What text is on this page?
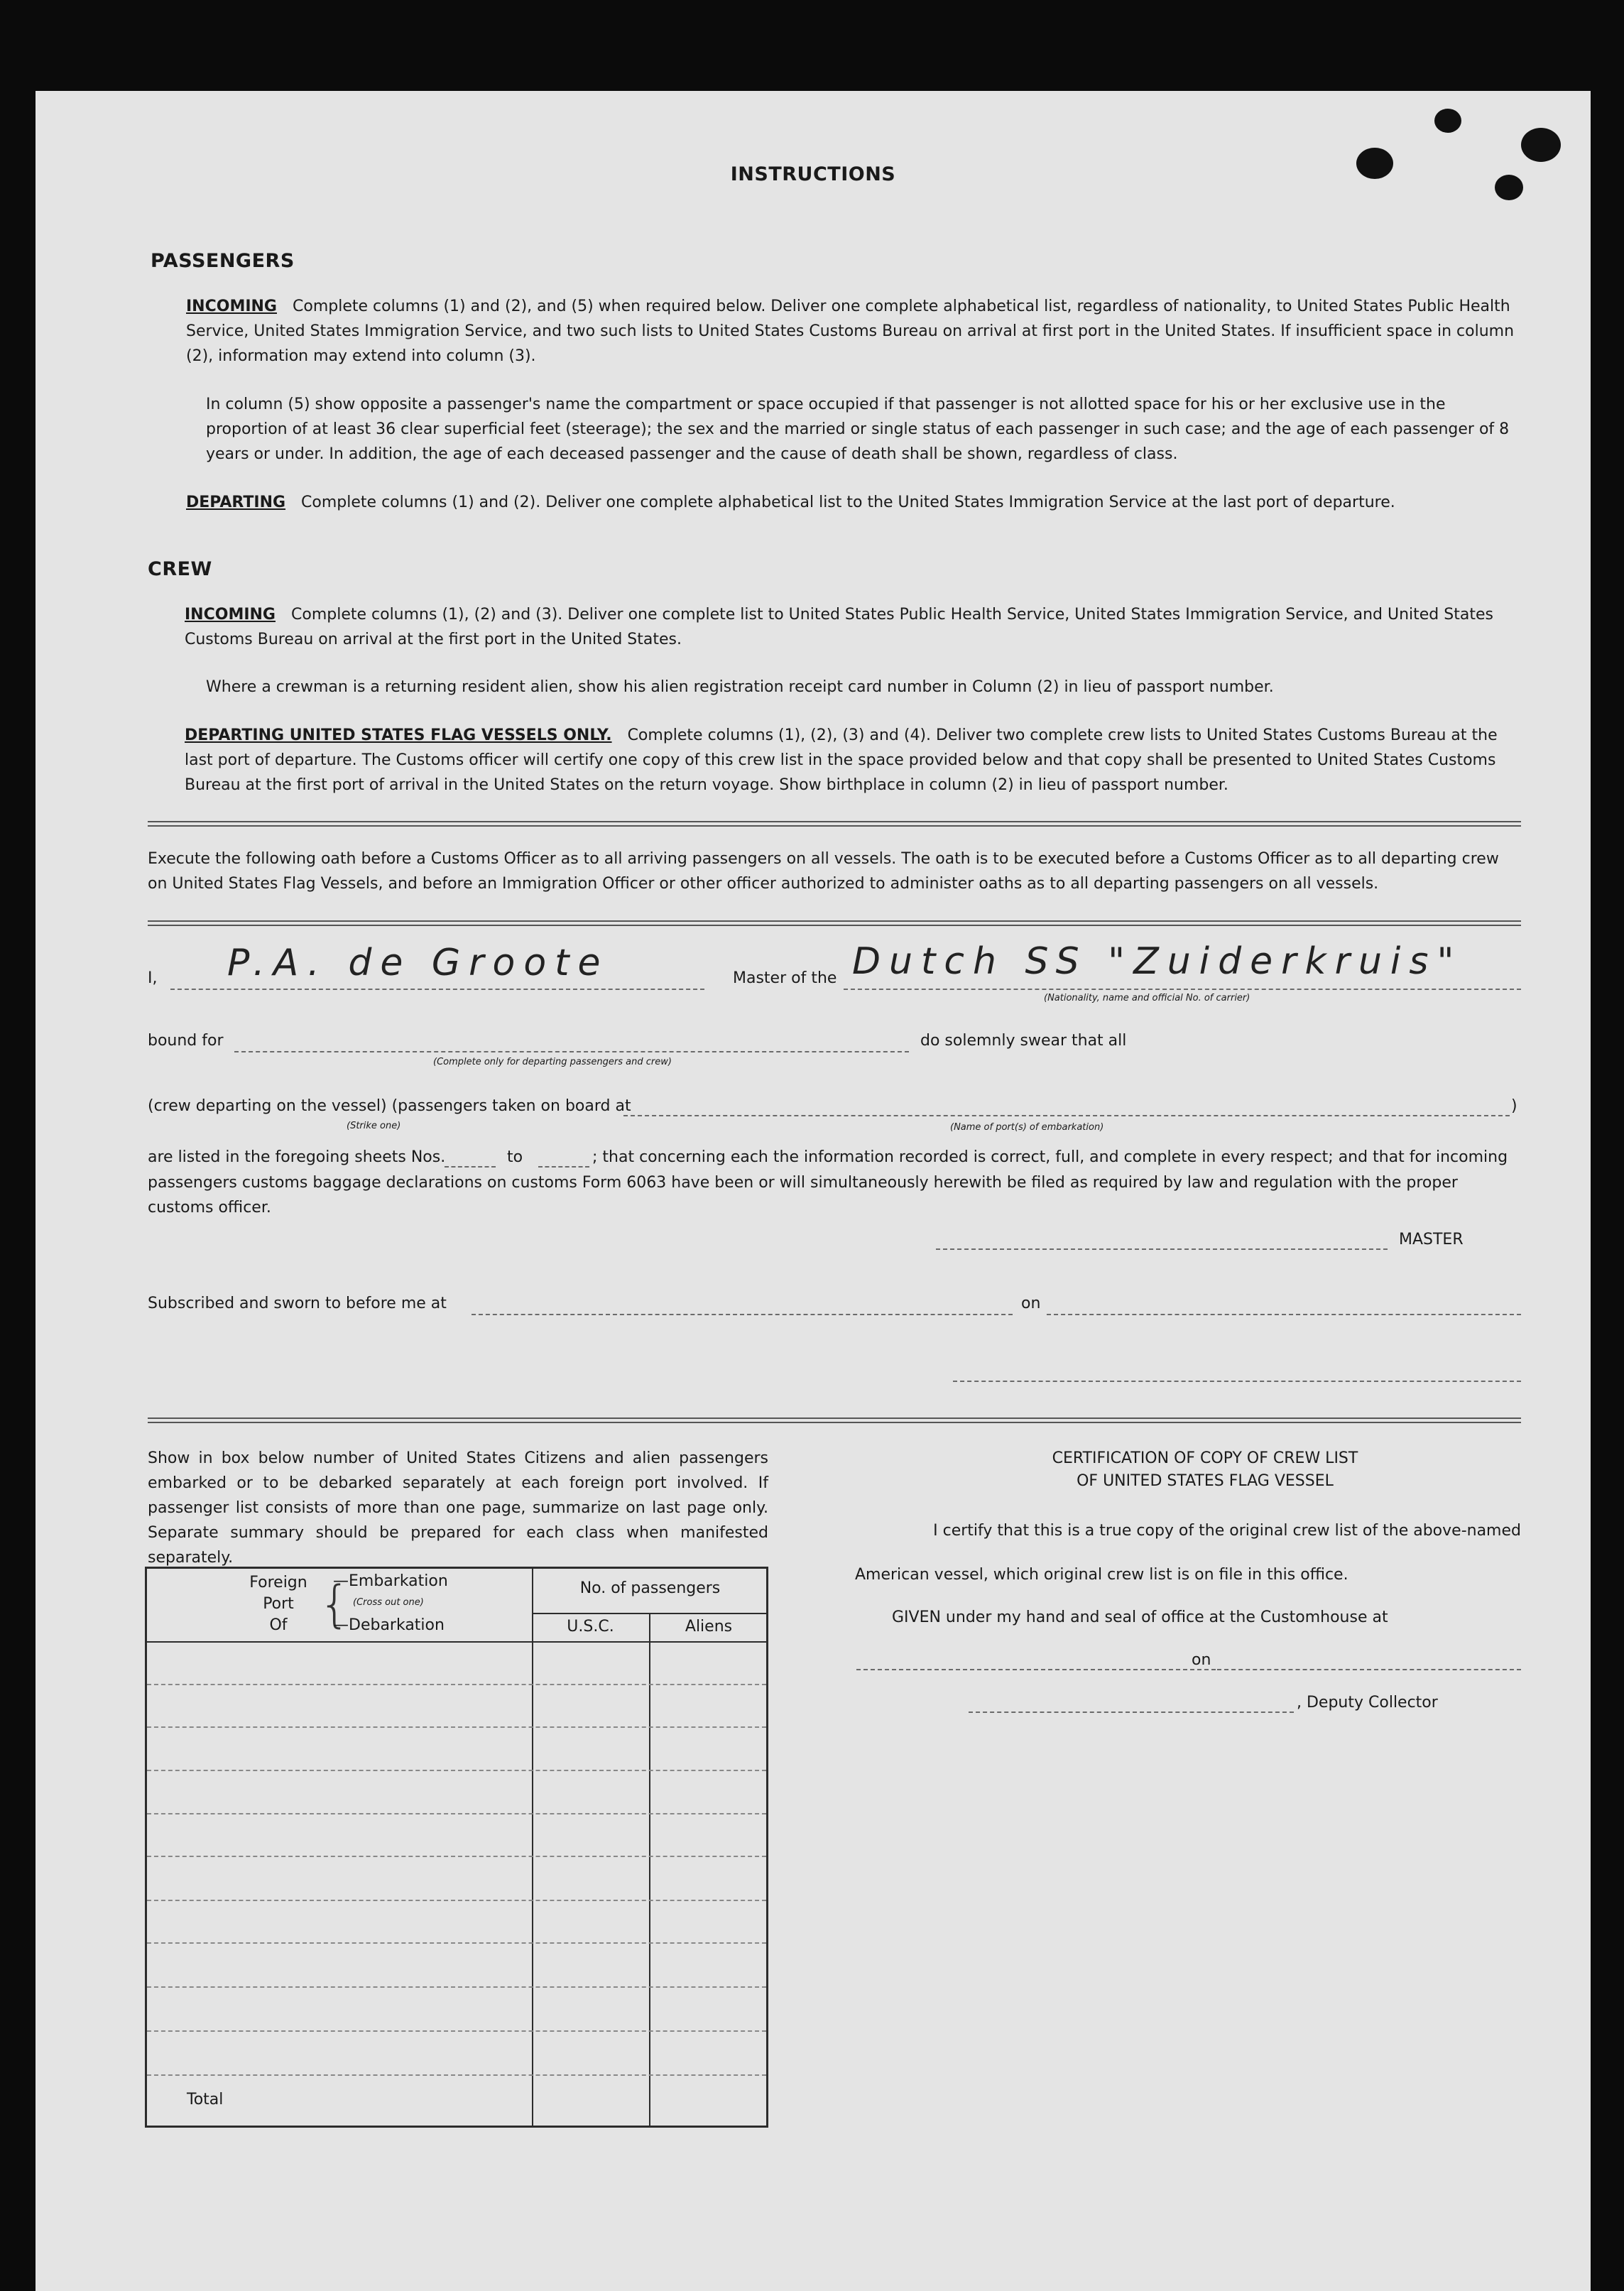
INSTRUCTIONS
PASSENGERS
INCOMING Complete columns (1) and (2), and (5) when required below. Deliver one complete alphabetical list, regardless of nationality, to United States Public Health Service, United States Immigration Service, and two such lists to United States Customs Bureau on arrival at first port in the United States. If insufficient space in column (2), information may extend into column (3).
In column (5) show opposite a passenger's name the compartment or space occupied if that passenger is not allotted space for his or her exclusive use in the proportion of at least 36 clear superficial feet (steerage); the sex and the married or single status of each passenger in such case; and the age of each passenger of 8 years or under. In addition, the age of each deceased passenger and the cause of death shall be shown, regardless of class.
DEPARTING Complete columns (1) and (2). Deliver one complete alphabetical list to the United States Immigration Service at the last port of departure.
CREW
INCOMING Complete columns (1), (2) and (3). Deliver one complete list to United States Public Health Service, United States Immigration Service, and United States Customs Bureau on arrival at the first port in the United States.
Where a crewman is a returning resident alien, show his alien registration receipt card number in Column (2) in lieu of passport number.
DEPARTING UNITED STATES FLAG VESSELS ONLY. Complete columns (1), (2), (3) and (4). Deliver two complete crew lists to United States Customs Bureau at the last port of departure. The Customs officer will certify one copy of this crew list in the space provided below and that copy shall be presented to United States Customs Bureau at the first port of arrival in the United States on the return voyage. Show birthplace in column (2) in lieu of passport number.
Execute the following oath before a Customs Officer as to all arriving passengers on all vessels. The oath is to be executed before a Customs Officer as to all departing crew on United States Flag Vessels, and before an Immigration Officer or other officer authorized to administer oaths as to all departing passengers on all vessels.
I, P.A. de Groote	Master of the Dutch SS "Zuiderkruis"
(Nationality, name and official No. of carrier)
bound for
(Complete only for departing passengers and crew)
do solemnly swear that all
(crew departing on the vessel) (passengers taken on board at	)
(Strike one)	(Name of port(s) of embarkation)
are listed in the foregoing sheets Nos.	to	; that concerning each the information recorded is correct, full, and complete in every respect; and that for incoming
passengers customs baggage declarations on customs Form 6063 have been or will simultaneously herewith be filed as required by law and regulation with the proper customs officer.
MASTER
Subscribed and sworn to before me at	on
Show in box below number of United States Citizens and alien passengers embarked or to be debarked separately at each foreign port involved. If passenger list consists of more than one page, summarize on last page only. Separate summary should be prepared for each class when manifested separately.
Foreign
Port
Of {
—Embarkation
(Cross out one)
—Debarkation
No. of passengers
U.S.C.	Aliens
Total
CERTIFICATION OF COPY OF CREW LIST
OF UNITED STATES FLAG VESSEL
I certify that this is a true copy of the original crew list of the above-named
American vessel, which original crew list is on file in this office.
GIVEN under my hand and seal of office at the Customhouse at
on
, Deputy Collector
